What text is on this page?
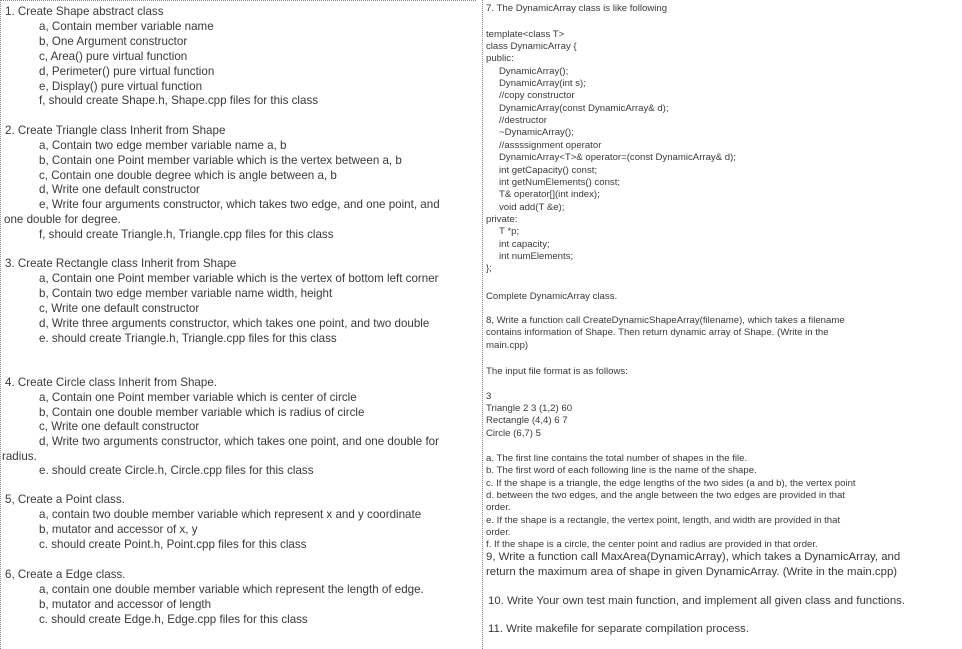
1. Create Shape abstract class
a, Contain member variable name
b, One Argument constructor
c, Area() pure virtual function
d, Perimeter() pure virtual function
e, Display() pure virtual function
f, should create Shape.h, Shape.cpp files for this class
2. Create Triangle class Inherit from Shape
a, Contain two edge member variable name a, b
b, Contain one Point member variable which is the vertex between a, b
c, Contain one double degree which is angle between a, b
d, Write one default constructor
e, Write four arguments constructor, which takes two edge, and one point, and
one double for degree.
f, should create Triangle.h, Triangle.cpp files for this class
3. Create Rectangle class Inherit from Shape
a, Contain one Point member variable which is the vertex of bottom left corner
b, Contain two edge member variable name width, height
c, Write one default constructor
d, Write three arguments constructor, which takes one point, and two double
e. should create Triangle.h, Triangle.cpp files for this class
4. Create Circle class Inherit from Shape.
a, Contain one Point member variable which is center of circle
b, Contain one double member variable which is radius of circle
c, Write one default constructor
d, Write two arguments constructor, which takes one point, and one double for
radius.
e. should create Circle.h, Circle.cpp files for this class
5, Create a Point class.
a, contain two double member variable which represent x and y coordinate
b, mutator and accessor of x, y
c. should create Point.h, Point.cpp files for this class
6, Create a Edge class.
a, contain one double member variable which represent the length of edge.
b, mutator and accessor of length
c. should create Edge.h, Edge.cpp files for this class
7. The DynamicArray class is like following
template<class T>
class DynamicArray {
public:
DynamicArray();
DynamicArray(int s);
//copy constructor
DynamicArray(const DynamicArray& d);
//destructor
~DynamicArray();
//assssignment operator
DynamicArray<T>& operator=(const DynamicArray& d);
int getCapacity() const;
int getNumElements() const;
T& operator[](int index);
void add(T &e);
private:
T *p;
int capacity;
int numElements;
};
Complete DynamicArray class.
8, Write a function call CreateDynamicShapeArray(filename), which takes a filename
contains information of Shape. Then return dynamic array of Shape. (Write in the
main.cpp)
The input file format is as follows:
3
Triangle 2 3 (1,2) 60
Rectangle (4,4) 6 7
Circle (6,7) 5
a. The first line contains the total number of shapes in the file.
b. The first word of each following line is the name of the shape.
c. If the shape is a triangle, the edge lengths of the two sides (a and b), the vertex point
d. between the two edges, and the angle between the two edges are provided in that
order.
e. If the shape is a rectangle, the vertex point, length, and width are provided in that
order.
f. If the shape is a circle, the center point and radius are provided in that order.
9, Write a function call MaxArea(DynamicArray), which takes a DynamicArray, and
return the maximum area of shape in given DynamicArray. (Write in the main.cpp)
10. Write Your own test main function, and implement all given class and functions.
11. Write makefile for separate compilation process.
